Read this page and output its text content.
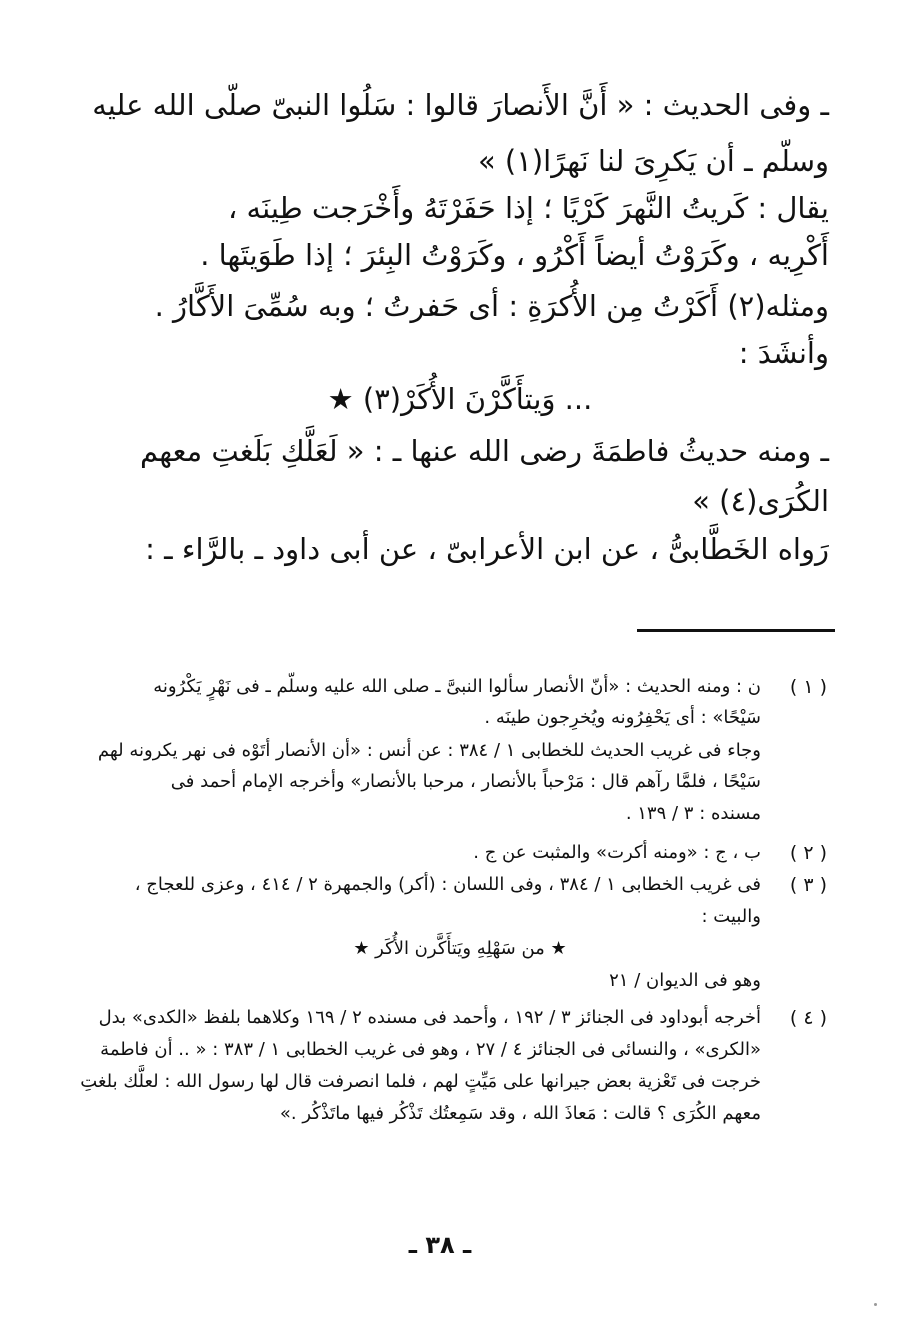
ـ وفى الحديث : « أَنَّ الأَنصارَ قالوا : سَلُوا النبىّ صلّى الله عليه
وسلّم ـ أن يَكرِىَ لنا نَهرًا(١) »
يقال : كَريتُ النَّهرَ كَرْيًا ؛ إذا حَفَرْتَهُ وأَخْرَجت طِينَه ،
أَكْرِيه ، وكَرَوْتُ أيضاً أَكْرُو ، وكَرَوْتُ البِئرَ ؛ إذا طَوَيتَها .
ومثله(٢) أَكَرْتُ مِن الأُكرَةِ : أى حَفرتُ ؛ وبه سُمِّىَ الأَكَّارُ .
وأنشَدَ :
... وَيتأَكَّرْنَ الأُكَرْ(٣) ★
ـ ومنه حديثُ فاطمَةَ رضى الله عنها ـ : « لَعَلَّكِ بَلَغتِ معهم
الكُرَى(٤) »
رَواه الخَطَّابىُّ ، عن ابن الأعرابىّ ، عن أبى داود ـ بالرَّاء ـ :
( ١ )
ن : ومنه الحديث : «أنّ الأنصار سألوا النبىَّ ـ صلى الله عليه وسلّم ـ فى نَهْرٍ يَكْرُونه
سَيْحًا» : أى يَحْفِرُونه ويُخرِجون طينَه .
وجاء فى غريب الحديث للخطابى ١ / ٣٨٤ : عن أنس : «أن الأنصار أتَوْه فى نهر يكرونه لهم
سَيْحًا ، فلمَّا رآهم قال : مَرْحباً بالأنصار ، مرحبا بالأنصار» وأخرجه الإمام أحمد فى
مسنده : ٣ / ١٣٩ .
( ٢ )
ب ، ج : «ومنه أكرت» والمثبت عن ج .
( ٣ )
فى غريب الخطابى ١ / ٣٨٤ ، وفى اللسان : (أكر) والجمهرة ٢ / ٤١٤ ، وعزى للعجاج ،
والبيت :
★ من سَهْلِهِ ويَتأَكَّرن الأُكَر ★
وهو فى الديوان / ٢١
( ٤ )
أخرجه أبوداود فى الجنائز ٣ / ١٩٢ ، وأحمد فى مسنده ٢ / ١٦٩ وكلاهما بلفظ «الكدى» بدل
«الكرى» ، والنسائى فى الجنائز ٤ / ٢٧ ، وهو فى غريب الخطابى ١ / ٣٨٣ : « .. أن فاطمة
خرجت فى تَعْزية بعض جيرانها على مَيِّتٍ لهم ، فلما انصرفت قال لها رسول الله : لعلَّك بلغتِ
معهم الكُرَى ؟ قالت : مَعاذَ الله ، وقد سَمِعتُك تَذْكُر فيها ماتَذْكُر .»
ـ ٣٨ ـ
